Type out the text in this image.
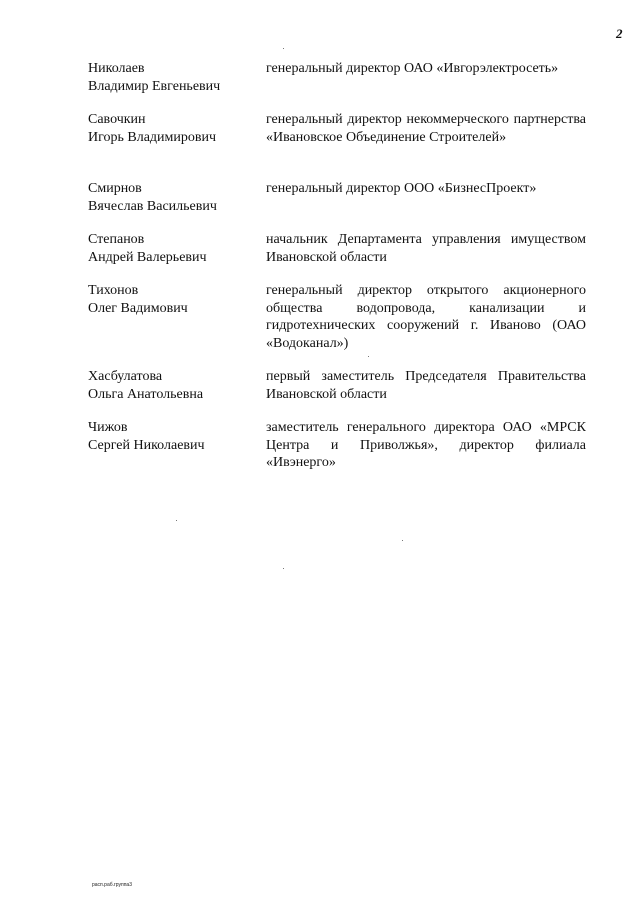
2
Николаев
Владимир Евгеньевич
генеральный директор ОАО «Ивгорэлектросеть»
Савочкин
Игорь Владимирович
генеральный директор некоммерческого партнерства «Ивановское Объединение Строителей»
Смирнов
Вячеслав Васильевич
генеральный директор ООО «БизнесПроект»
Степанов
Андрей Валерьевич
начальник Департамента управления имуществом Ивановской области
Тихонов
Олег Вадимович
генеральный директор открытого акционерного общества водопровода, канализации и гидротехнических сооружений г. Иваново (ОАО «Водоканал»)
Хасбулатова
Ольга Анатольевна
первый заместитель Председателя Правительства Ивановской области
Чижов
Сергей Николаевич
заместитель генерального директора ОАО «МРСК Центра и Приволжья», директор филиала «Ивэнерго»
расп.раб.группа3
